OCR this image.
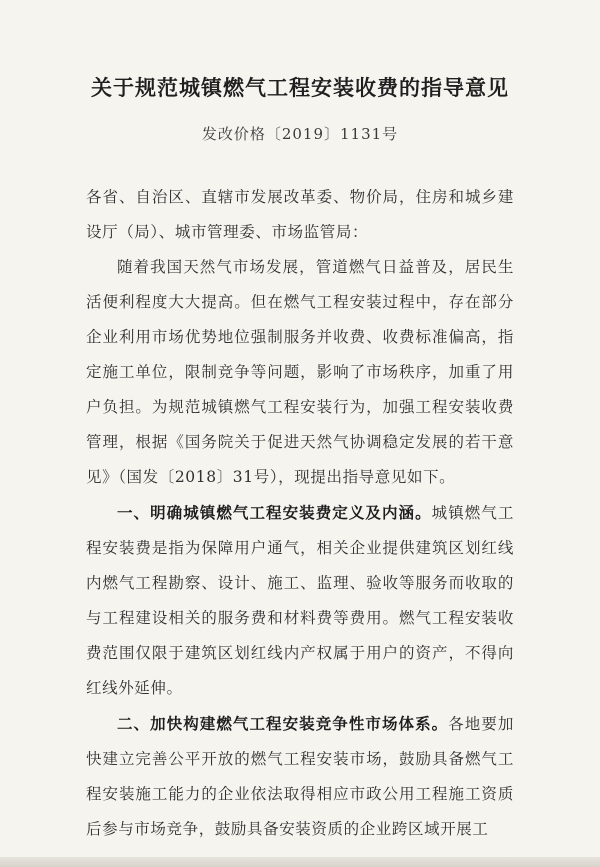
关于规范城镇燃气工程安装收费的指导意见
发改价格〔2019〕1131号

各省、自治区、直辖市发展改革委、物价局，住房和城乡建设厅（局）、城市管理委、市场监管局：

随着我国天然气市场发展，管道燃气日益普及，居民生活便利程度大大提高。但在燃气工程安装过程中，存在部分企业利用市场优势地位强制服务并收费、收费标准偏高，指定施工单位，限制竞争等问题，影响了市场秩序，加重了用户负担。为规范城镇燃气工程安装行为，加强工程安装收费管理，根据《国务院关于促进天然气协调稳定发展的若干意见》（国发〔2018〕31号），现提出指导意见如下。

一、明确城镇燃气工程安装费定义及内涵。城镇燃气工程安装费是指为保障用户通气，相关企业提供建筑区划红线内燃气工程勘察、设计、施工、监理、验收等服务而收取的与工程建设相关的服务费和材料费等费用。燃气工程安装收费范围仅限于建筑区划红线内产权属于用户的资产，不得向红线外延伸。

二、加快构建燃气工程安装竞争性市场体系。各地要加快建立完善公平开放的燃气工程安装市场，鼓励具备燃气工程安装施工能力的企业依法取得相应市政公用工程施工资质后参与市场竞争，鼓励具备安装资质的企业跨区域开展工
